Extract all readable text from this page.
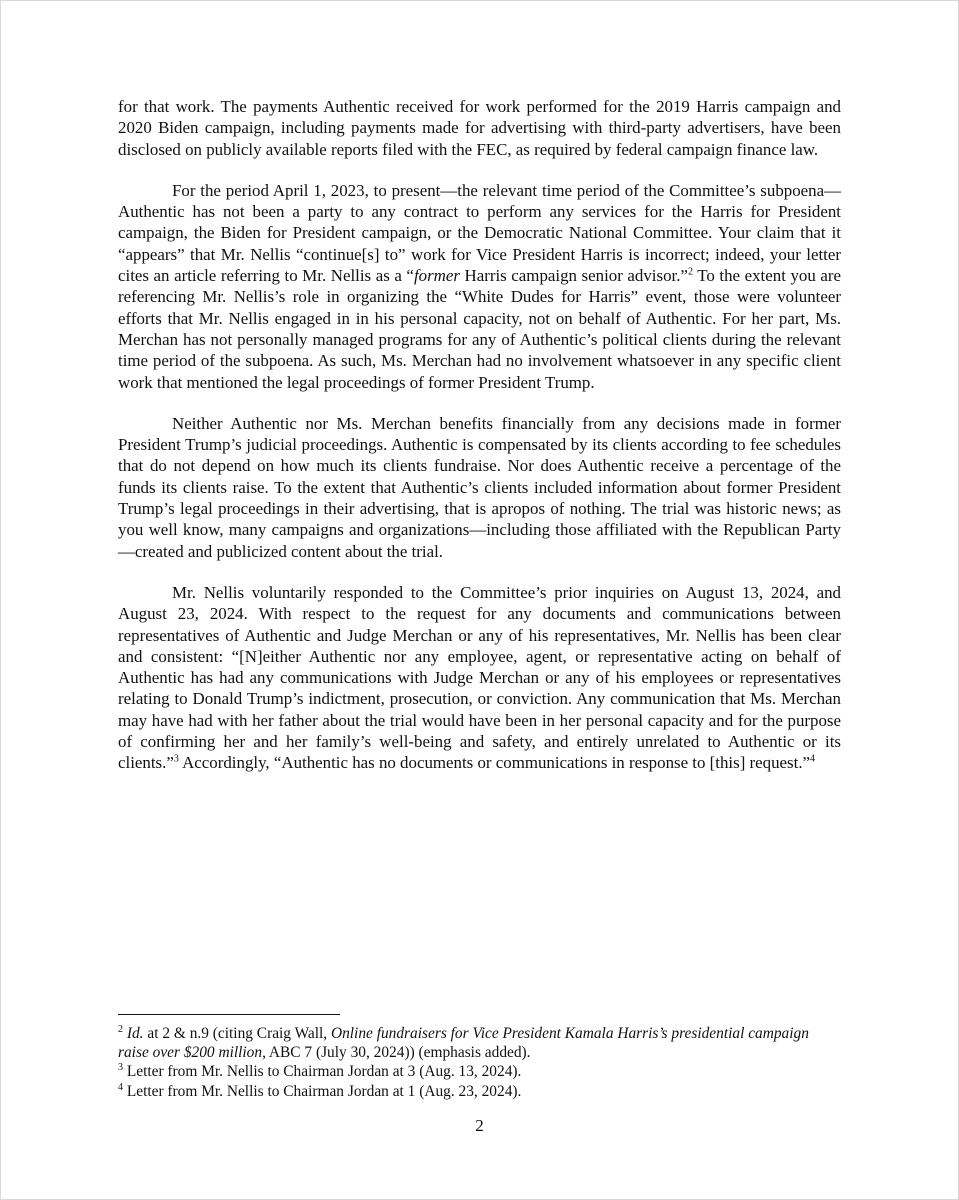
for that work. The payments Authentic received for work performed for the 2019 Harris campaign and 2020 Biden campaign, including payments made for advertising with third-party advertisers, have been disclosed on publicly available reports filed with the FEC, as required by federal campaign finance law.

For the period April 1, 2023, to present—the relevant time period of the Committee’s subpoena—Authentic has not been a party to any contract to perform any services for the Harris for President campaign, the Biden for President campaign, or the Democratic National Committee. Your claim that it “appears” that Mr. Nellis “continue[s] to” work for Vice President Harris is incorrect; indeed, your letter cites an article referring to Mr. Nellis as a “former Harris campaign senior advisor.”$^2$ To the extent you are referencing Mr. Nellis’s role in organizing the “White Dudes for Harris” event, those were volunteer efforts that Mr. Nellis engaged in in his personal capacity, not on behalf of Authentic. For her part, Ms. Merchan has not personally managed programs for any of Authentic’s political clients during the relevant time period of the subpoena. As such, Ms. Merchan had no involvement whatsoever in any specific client work that mentioned the legal proceedings of former President Trump.

Neither Authentic nor Ms. Merchan benefits financially from any decisions made in former President Trump’s judicial proceedings. Authentic is compensated by its clients according to fee schedules that do not depend on how much its clients fundraise. Nor does Authentic receive a percentage of the funds its clients raise. To the extent that Authentic’s clients included information about former President Trump’s legal proceedings in their advertising, that is apropos of nothing. The trial was historic news; as you well know, many campaigns and organizations—including those affiliated with the Republican Party—created and publicized content about the trial.

Mr. Nellis voluntarily responded to the Committee’s prior inquiries on August 13, 2024, and August 23, 2024. With respect to the request for any documents and communications between representatives of Authentic and Judge Merchan or any of his representatives, Mr. Nellis has been clear and consistent: “[N]either Authentic nor any employee, agent, or representative acting on behalf of Authentic has had any communications with Judge Merchan or any of his employees or representatives relating to Donald Trump’s indictment, prosecution, or conviction. Any communication that Ms. Merchan may have had with her father about the trial would have been in her personal capacity and for the purpose of confirming her and her family’s well-being and safety, and entirely unrelated to Authentic or its clients.”$^3$ Accordingly, “Authentic has no documents or communications in response to [this] request.”$^4$

$^2$ Id. at 2 & n.9 (citing Craig Wall, Online fundraisers for Vice President Kamala Harris’s presidential campaign raise over $200 million, ABC 7 (July 30, 2024)) (emphasis added).

$^3$ Letter from Mr. Nellis to Chairman Jordan at 3 (Aug. 13, 2024).

$^4$ Letter from Mr. Nellis to Chairman Jordan at 1 (Aug. 23, 2024).

2
